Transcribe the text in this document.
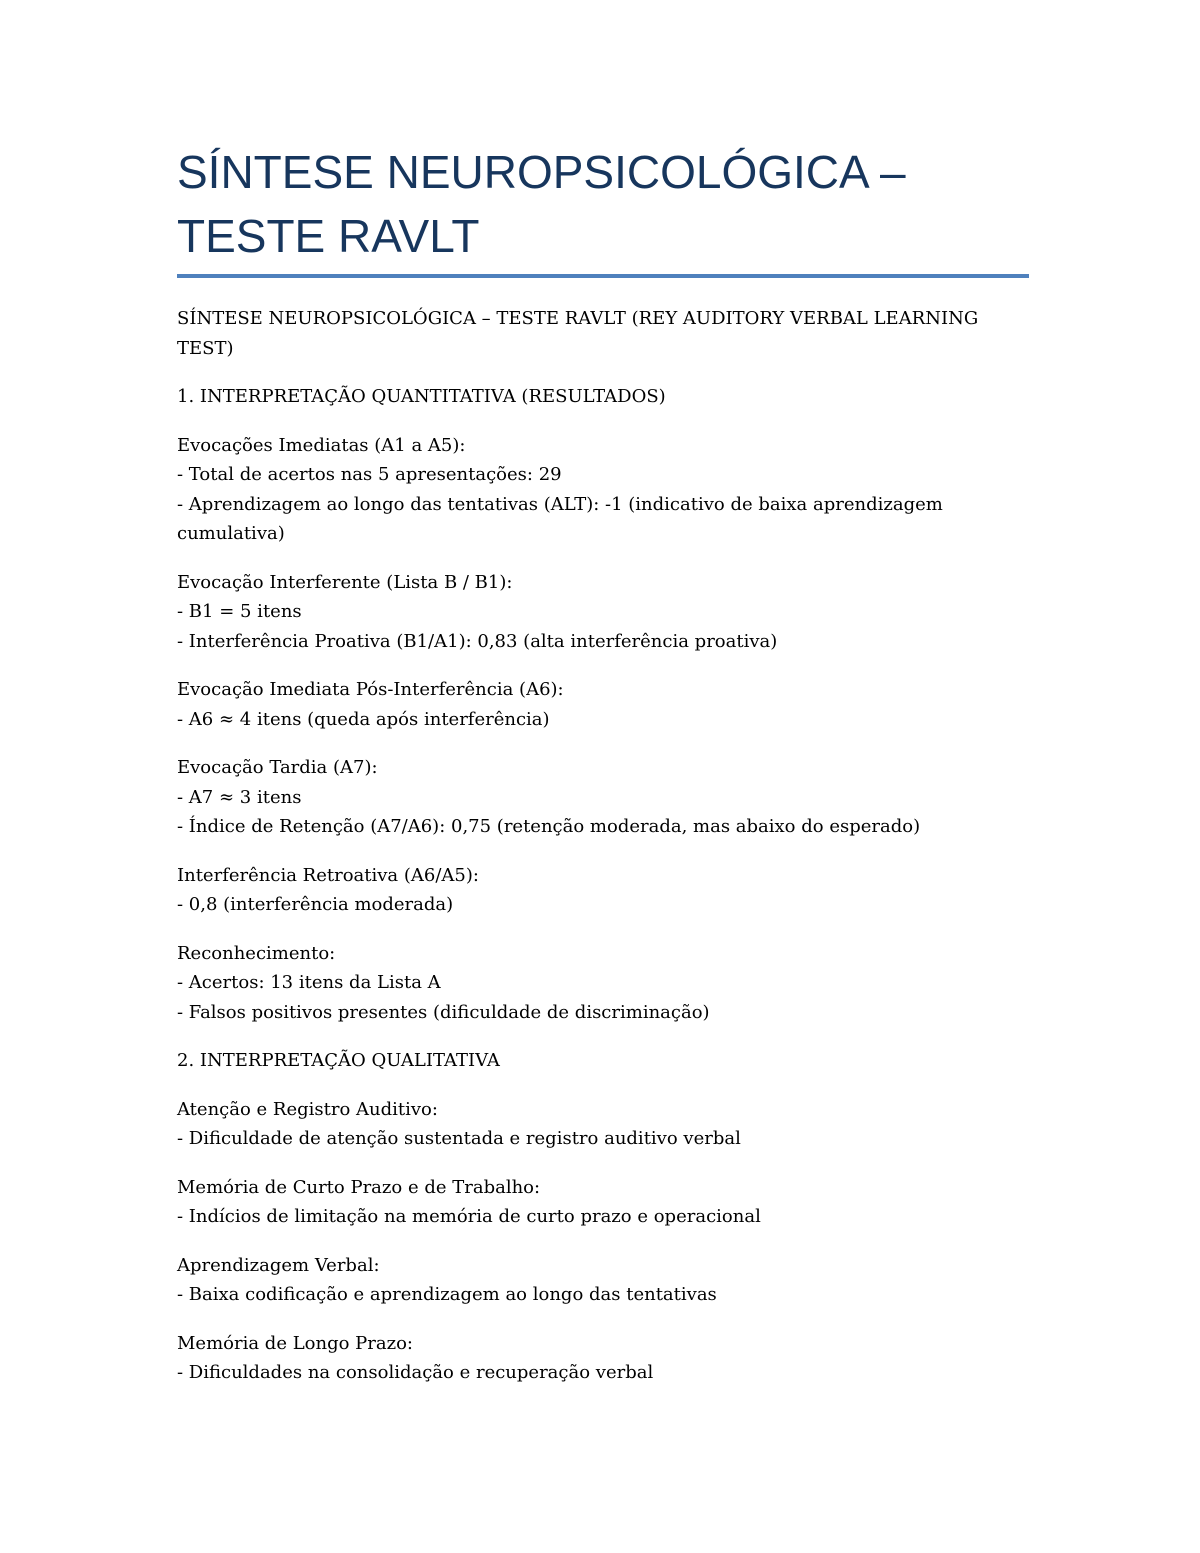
SÍNTESE NEUROPSICOLÓGICA – TESTE RAVLT

SÍNTESE NEUROPSICOLÓGICA – TESTE RAVLT (REY AUDITORY VERBAL LEARNING TEST)

1. INTERPRETAÇÃO QUANTITATIVA (RESULTADOS)

Evocações Imediatas (A1 a A5):
- Total de acertos nas 5 apresentações: 29
- Aprendizagem ao longo das tentativas (ALT): -1 (indicativo de baixa aprendizagem cumulativa)
Evocação Interferente (Lista B / B1):
- B1 = 5 itens
- Interferência Proativa (B1/A1): 0,83 (alta interferência proativa)
Evocação Imediata Pós-Interferência (A6):
- A6 ≈ 4 itens (queda após interferência)
Evocação Tardia (A7):
- A7 ≈ 3 itens
- Índice de Retenção (A7/A6): 0,75 (retenção moderada, mas abaixo do esperado)
Interferência Retroativa (A6/A5):
- 0,8 (interferência moderada)
Reconhecimento:
- Acertos: 13 itens da Lista A
- Falsos positivos presentes (dificuldade de discriminação)

2. INTERPRETAÇÃO QUALITATIVA

Atenção e Registro Auditivo:
- Dificuldade de atenção sustentada e registro auditivo verbal
Memória de Curto Prazo e de Trabalho:
- Indícios de limitação na memória de curto prazo e operacional
Aprendizagem Verbal:
- Baixa codificação e aprendizagem ao longo das tentativas
Memória de Longo Prazo:
- Dificuldades na consolidação e recuperação verbal
